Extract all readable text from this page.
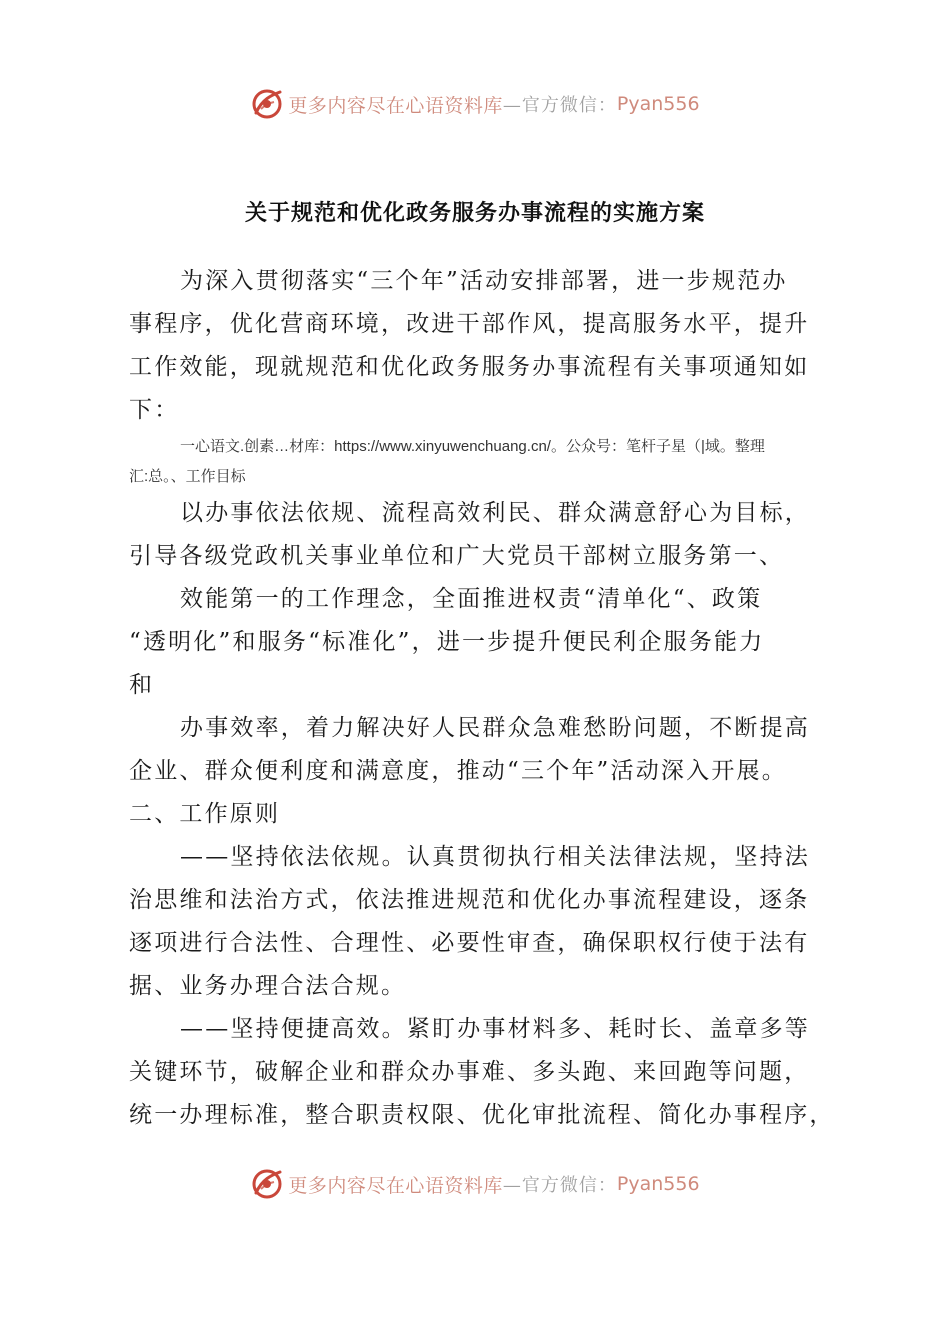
更多内容尽在心语资料库 —官方微信： Pyan556
关于规范和优化政务服务办事流程的实施方案
为深入贯彻落实“三个年”活动安排部署，进一步规范办
事程序，优化营商环境，改进干部作风，提高服务水平，提升
工作效能，现就规范和优化政务服务办事流程有关事项通知如
下：
一心语文.创素…材库：https://www.xinyuwenchuang.cn/。公众号：笔杆子星（|域。整理
汇:总。、工作目标
以办事依法依规、流程高效利民、群众满意舒心为目标，
引导各级党政机关事业单位和广大党员干部树立服务第一、
效能第一的工作理念，全面推进权责“清单化“、政策
“透明化”和服务“标准化”，进一步提升便民利企服务能力
和
办事效率，着力解决好人民群众急难愁盼问题，不断提高
企业、群众便利度和满意度，推动“三个年”活动深入开展。
二、工作原则
——坚持依法依规。认真贯彻执行相关法律法规，坚持法
治思维和法治方式，依法推进规范和优化办事流程建设，逐条
逐项进行合法性、合理性、必要性审查，确保职权行使于法有
据、业务办理合法合规。
——坚持便捷高效。紧盯办事材料多、耗时长、盖章多等
关键环节，破解企业和群众办事难、多头跑、来回跑等问题，
统一办理标准，整合职责权限、优化审批流程、简化办事程序，
更多内容尽在心语资料库 —官方微信： Pyan556
